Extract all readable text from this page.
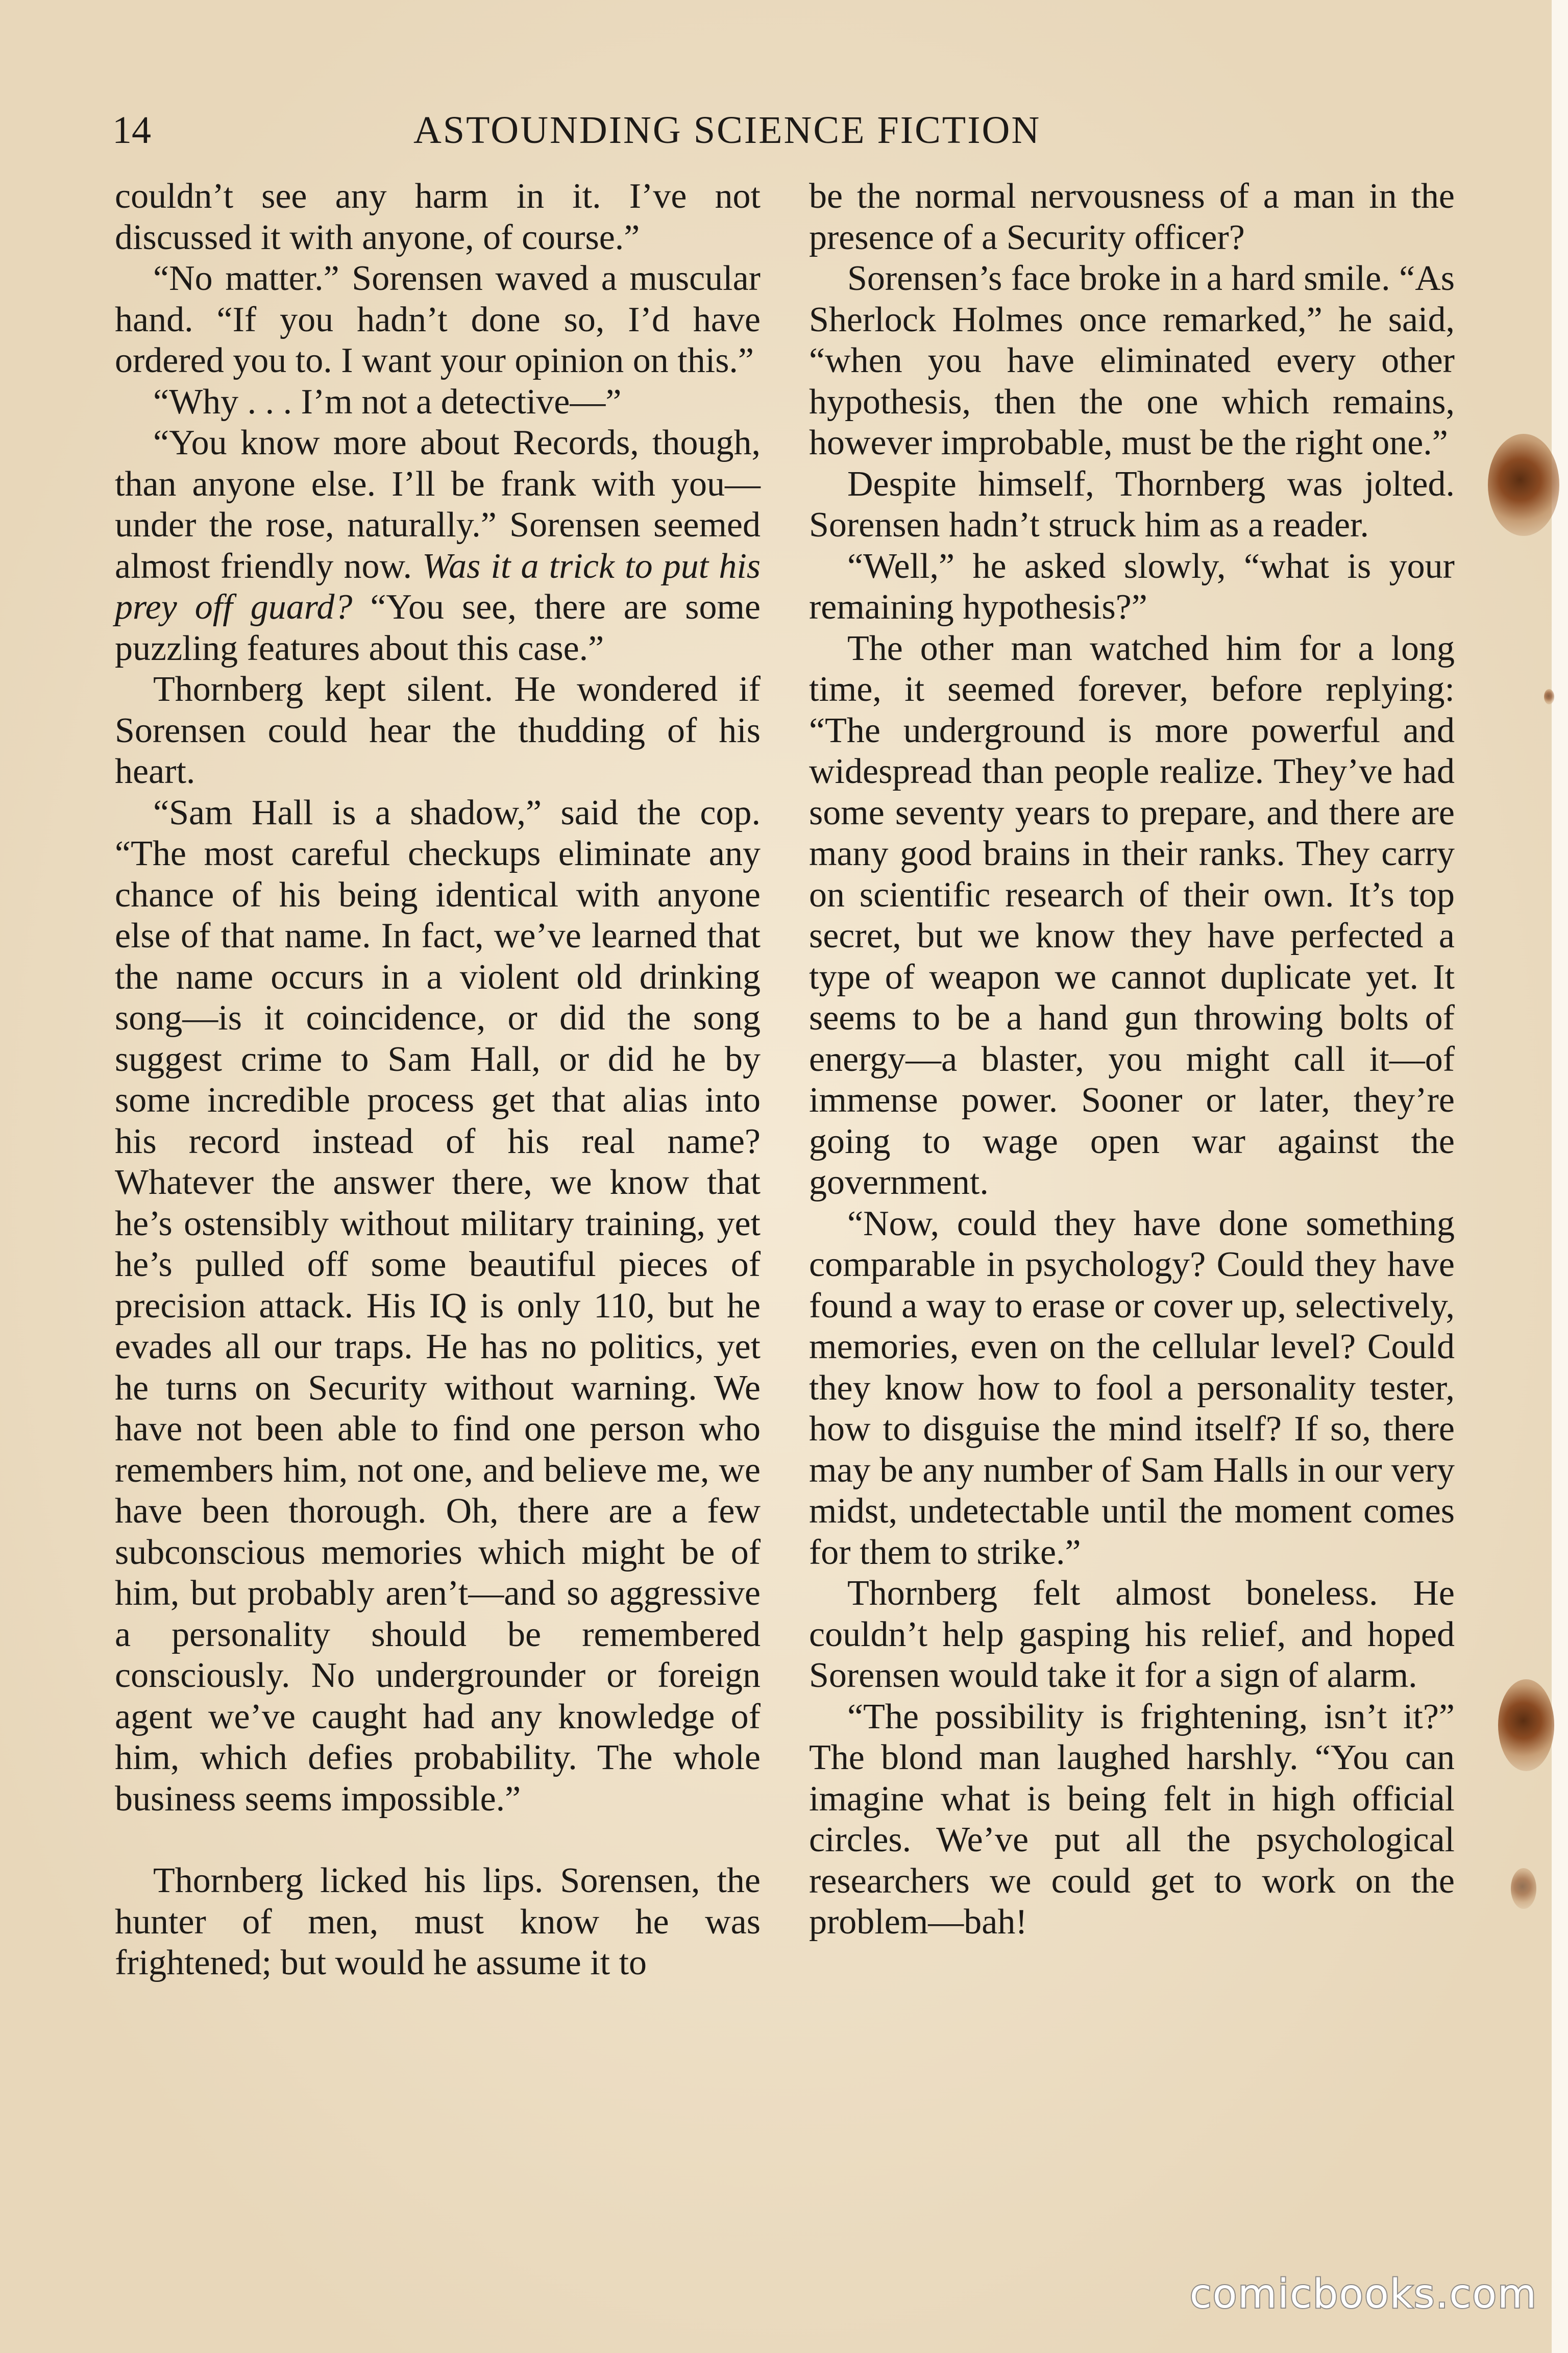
14	ASTOUNDING SCIENCE FICTION

couldn’t see any harm in it. I’ve not discussed it with anyone, of course.”

“No matter.” Sorensen waved a muscular hand. “If you hadn’t done so, I’d have ordered you to. I want your opinion on this.”

“Why . . . I’m not a detective—”

“You know more about Records, though, than anyone else. I’ll be frank with you—under the rose, naturally.” Sorensen seemed almost friendly now. Was it a trick to put his prey off guard? “You see, there are some puzzling features about this case.”

Thornberg kept silent. He wondered if Sorensen could hear the thudding of his heart.

“Sam Hall is a shadow,” said the cop. “The most careful checkups eliminate any chance of his being identical with anyone else of that name. In fact, we’ve learned that the name occurs in a violent old drinking song—is it coincidence, or did the song suggest crime to Sam Hall, or did he by some incredible process get that alias into his record instead of his real name? Whatever the answer there, we know that he’s ostensibly without military training, yet he’s pulled off some beautiful pieces of precision attack. His IQ is only 110, but he evades all our traps. He has no politics, yet he turns on Security without warning. We have not been able to find one person who remembers him, not one, and believe me, we have been thorough. Oh, there are a few subconscious memories which might be of him, but probably aren’t—and so aggressive a personality should be remembered consciously. No undergrounder or foreign agent we’ve caught had any knowledge of him, which defies probability. The whole business seems impossible.”

Thornberg licked his lips. Sorensen, the hunter of men, must know he was frightened; but would he assume it to

be the normal nervousness of a man in the presence of a Security officer?

Sorensen’s face broke in a hard smile. “As Sherlock Holmes once remarked,” he said, “when you have eliminated every other hypothesis, then the one which remains, however improbable, must be the right one.”

Despite himself, Thornberg was jolted. Sorensen hadn’t struck him as a reader.

“Well,” he asked slowly, “what is your remaining hypothesis?”

The other man watched him for a long time, it seemed forever, before replying: “The underground is more powerful and widespread than people realize. They’ve had some seventy years to prepare, and there are many good brains in their ranks. They carry on scientific research of their own. It’s top secret, but we know they have perfected a type of weapon we cannot duplicate yet. It seems to be a hand gun throwing bolts of energy—a blaster, you might call it—of immense power. Sooner or later, they’re going to wage open war against the government.

“Now, could they have done something comparable in psychology? Could they have found a way to erase or cover up, selectively, memories, even on the cellular level? Could they know how to fool a personality tester, how to disguise the mind itself? If so, there may be any number of Sam Halls in our very midst, undetectable until the moment comes for them to strike.”

Thornberg felt almost boneless. He couldn’t help gasping his relief, and hoped Sorensen would take it for a sign of alarm.

“The possibility is frightening, isn’t it?” The blond man laughed harshly. “You can imagine what is being felt in high official circles. We’ve put all the psychological researchers we could get to work on the problem—bah!

comicbooks.com
